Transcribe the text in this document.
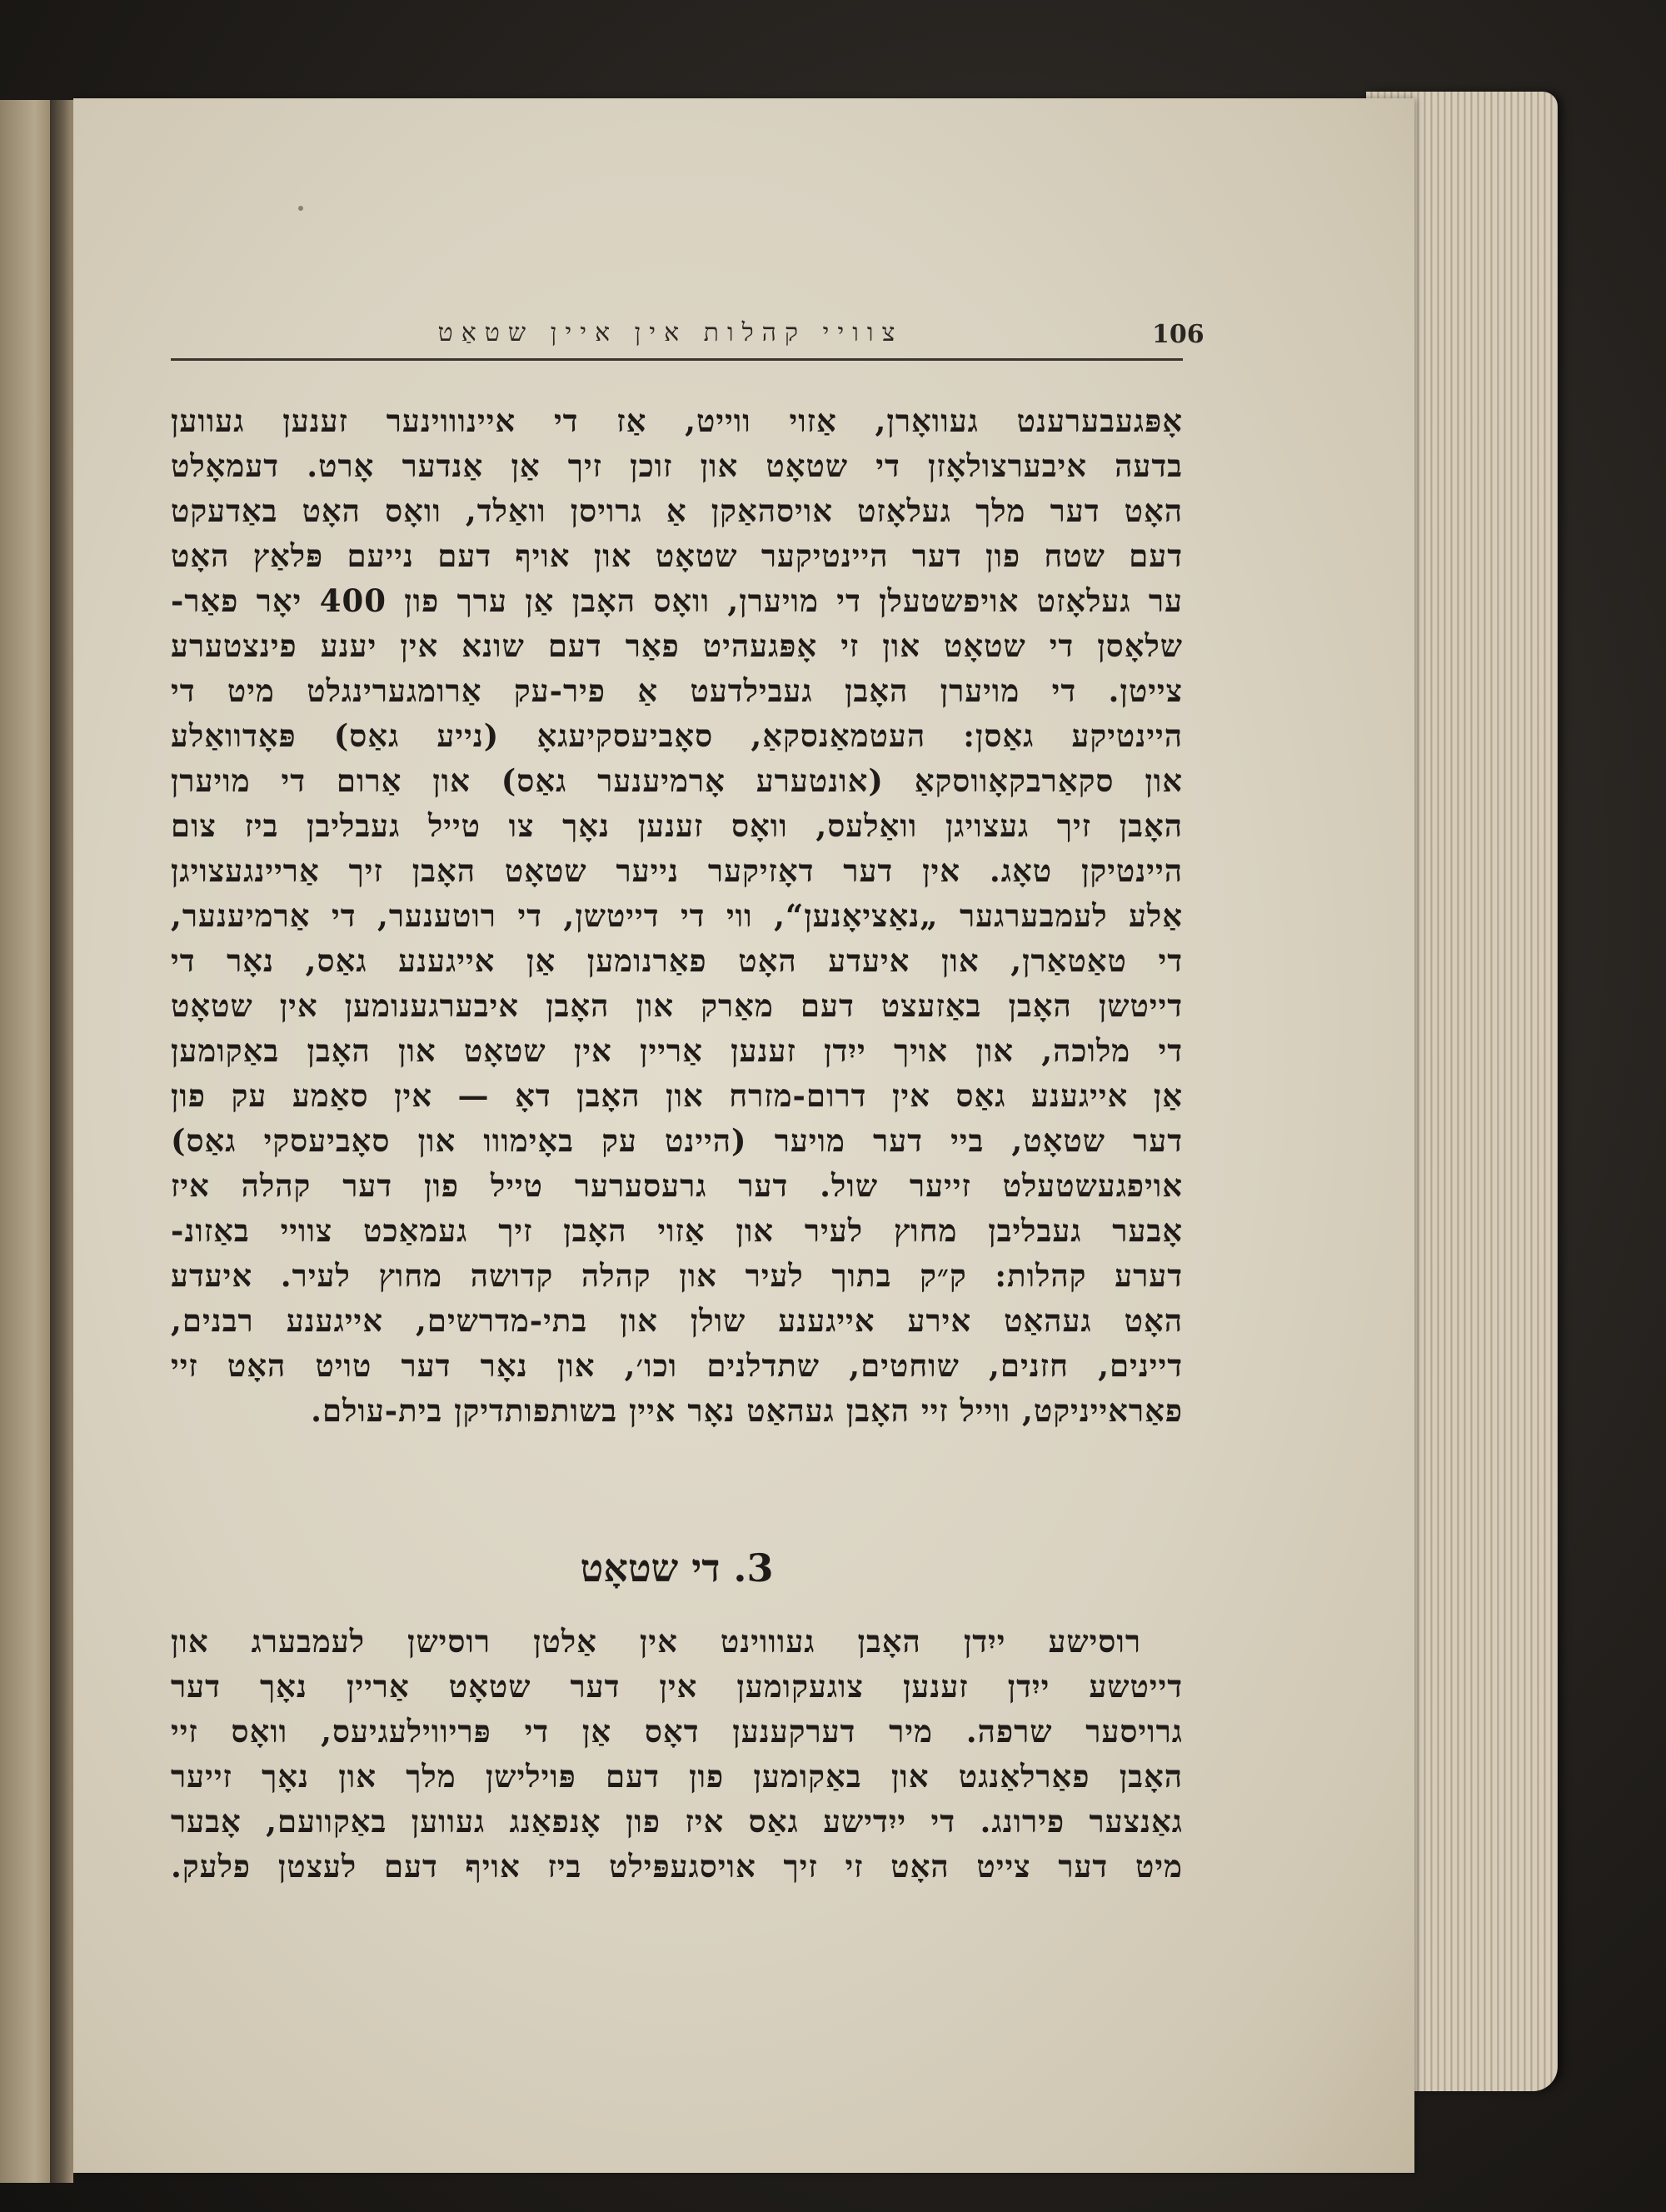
צוויי קהלות אין איין שטאַט	106
אָפּגעבערענט געוואָרן, אַזוי ווייט, אַז די איינוווינער זענען געווען
בדעה איבערצולאָזן די שטאָט און זוכן זיך אַן אַנדער אָרט. דעמאָלט
האָט דער מלך געלאָזט אויסהאַקן אַ גרויסן וואַלד, וואָס האָט באַדעקט
דעם שטח פון דער היינטיקער שטאָט און אויף דעם נייעם פּלאַץ האָט
ער געלאָזט אויפשטעלן די מויערן, וואָס האָבן אַן ערך פון 400 יאָר פאַר-
שלאָסן די שטאָט און זי אָפּגעהיט פאַר דעם שונא אין יענע פינצטערע
צייטן. די מויערן האָבן געבילדעט אַ פיר-עק אַרומגערינגלט מיט די
היינטיקע גאַסן: העטמאַנסקאַ, סאָביעסקיעגאָ (נייע גאַס) פּאָדוואַלע
און סקאַרבקאָווסקאַ (אונטערע אָרמיענער גאַס) און אַרום די מויערן
האָבן זיך געצויגן וואַלעס, וואָס זענען נאָך צו טייל געבליבן ביז צום
היינטיקן טאָג. אין דער דאָזיקער נייער שטאָט האָבן זיך אַריינגעצויגן
אַלע לעמבערגער „נאַציאָנען“, ווי די דייטשן, די רוטענער, די אַרמיענער,
די טאַטאַרן, און איעדע האָט פאַרנומען אַן אייגענע גאַס, נאָר די
דייטשן האָבן באַזעצט דעם מאַרק און האָבן איבערגענומען אין שטאָט
די מלוכה, און אויך ייִדן זענען אַריין אין שטאָט און האָבן באַקומען
אַן אייגענע גאַס אין דרום-מזרח און האָבן דאָ — אין סאַמע עק פון
דער שטאָט, ביי דער מויער (היינט עק באָימווו און סאָביעסקי גאַס)
אויפגעשטעלט זייער שול. דער גרעסערער טייל פון דער קהלה איז
אָבער געבליבן מחוץ לעיר און אַזוי האָבן זיך געמאַכט צוויי באַזונ-
דערע קהלות: ק״ק בתוך לעיר און קהלה קדושה מחוץ לעיר. איעדע
האָט געהאַט אירע אייגענע שולן און בתי-מדרשים, אייגענע רבנים,
דיינים, חזנים, שוחטים, שתדלנים וכו׳, און נאָר דער טויט האָט זיי
פאַראייניקט, ווייל זיי האָבן געהאַט נאָר איין בשותפותדיקן בית-עולם.
3. די שטאָט
רוסישע ייִדן האָבן געוווינט אין אַלטן רוסישן לעמבערג און
דייטשע ייִדן זענען צוגעקומען אין דער שטאָט אַריין נאָך דער
גרויסער שרפה. מיר דערקענען דאָס אַן די פּריווילעגיעס, וואָס זיי
האָבן פאַרלאַנגט און באַקומען פון דעם פּוילישן מלך און נאָך זייער
גאַנצער פירונג. די ייִדישע גאַס איז פון אָנפאַנג געווען באַקוועם, אָבער
מיט דער צייט האָט זי זיך אויסגעפּילט ביז אויף דעם לעצטן פלעק.
